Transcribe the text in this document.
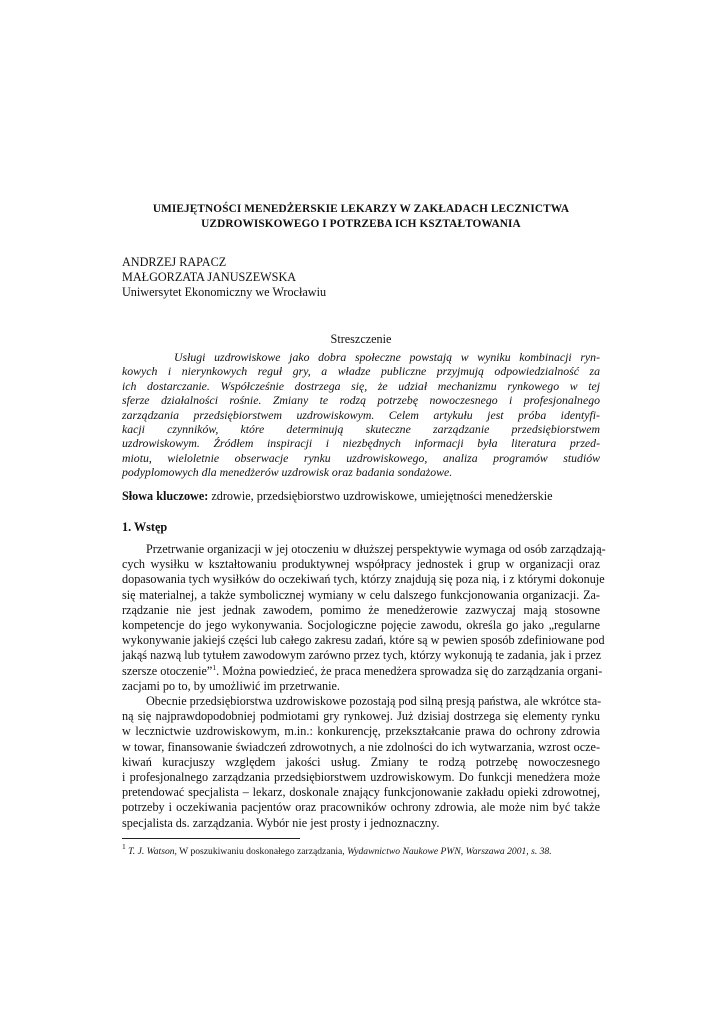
UMIEJĘTNOŚCI MENEDŻERSKIE LEKARZY W ZAKŁADACH LECZNICTWA
UZDROWISKOWEGO I POTRZEBA ICH KSZTAŁTOWANIA
ANDRZEJ RAPACZ
MAŁGORZATA JANUSZEWSKA
Uniwersytet Ekonomiczny we Wrocławiu
Streszczenie
Usługi uzdrowiskowe jako dobra społeczne powstają w wyniku kombinacji ryn-
kowych i nierynkowych reguł gry, a władze publiczne przyjmują odpowiedzialność za
ich dostarczanie. Współcześnie dostrzega się, że udział mechanizmu rynkowego w tej
sferze działalności rośnie. Zmiany te rodzą potrzebę nowoczesnego i profesjonalnego
zarządzania przedsiębiorstwem uzdrowiskowym. Celem artykułu jest próba identyfi-
kacji czynników, które determinują skuteczne zarządzanie przedsiębiorstwem
uzdrowiskowym. Źródłem inspiracji i niezbędnych informacji była literatura przed-
miotu, wieloletnie obserwacje rynku uzdrowiskowego, analiza programów studiów
podyplomowych dla menedżerów uzdrowisk oraz badania sondażowe.
Słowa kluczowe: zdrowie, przedsiębiorstwo uzdrowiskowe, umiejętności menedżerskie
1. Wstęp
Przetrwanie organizacji w jej otoczeniu w dłuższej perspektywie wymaga od osób zarządzają-
cych wysiłku w kształtowaniu produktywnej współpracy jednostek i grup w organizacji oraz
dopasowania tych wysiłków do oczekiwań tych, którzy znajdują się poza nią, i z którymi dokonuje
się materialnej, a także symbolicznej wymiany w celu dalszego funkcjonowania organizacji. Za-
rządzanie nie jest jednak zawodem, pomimo że menedżerowie zazwyczaj mają stosowne
kompetencje do jego wykonywania. Socjologiczne pojęcie zawodu, określa go jako „regularne
wykonywanie jakiejś części lub całego zakresu zadań, które są w pewien sposób zdefiniowane pod
jakąś nazwą lub tytułem zawodowym zarówno przez tych, którzy wykonują te zadania, jak i przez
szersze otoczenie”$^1$. Można powiedzieć, że praca menedżera sprowadza się do zarządzania organi-
zacjami po to, by umożliwić im przetrwanie.
Obecnie przedsiębiorstwa uzdrowiskowe pozostają pod silną presją państwa, ale wkrótce sta-
ną się najprawdopodobniej podmiotami gry rynkowej. Już dzisiaj dostrzega się elementy rynku
w lecznictwie uzdrowiskowym, m.in.: konkurencję, przekształcanie prawa do ochrony zdrowia
w towar, finansowanie świadczeń zdrowotnych, a nie zdolności do ich wytwarzania, wzrost ocze-
kiwań kuracjuszy względem jakości usług. Zmiany te rodzą potrzebę nowoczesnego
i profesjonalnego zarządzania przedsiębiorstwem uzdrowiskowym. Do funkcji menedżera może
pretendować specjalista – lekarz, doskonale znający funkcjonowanie zakładu opieki zdrowotnej,
potrzeby i oczekiwania pacjentów oraz pracowników ochrony zdrowia, ale może nim być także
specjalista ds. zarządzania. Wybór nie jest prosty i jednoznaczny.
$^1$ T. J. Watson, W poszukiwaniu doskonałego zarządzania, Wydawnictwo Naukowe PWN, Warszawa 2001, s. 38.
